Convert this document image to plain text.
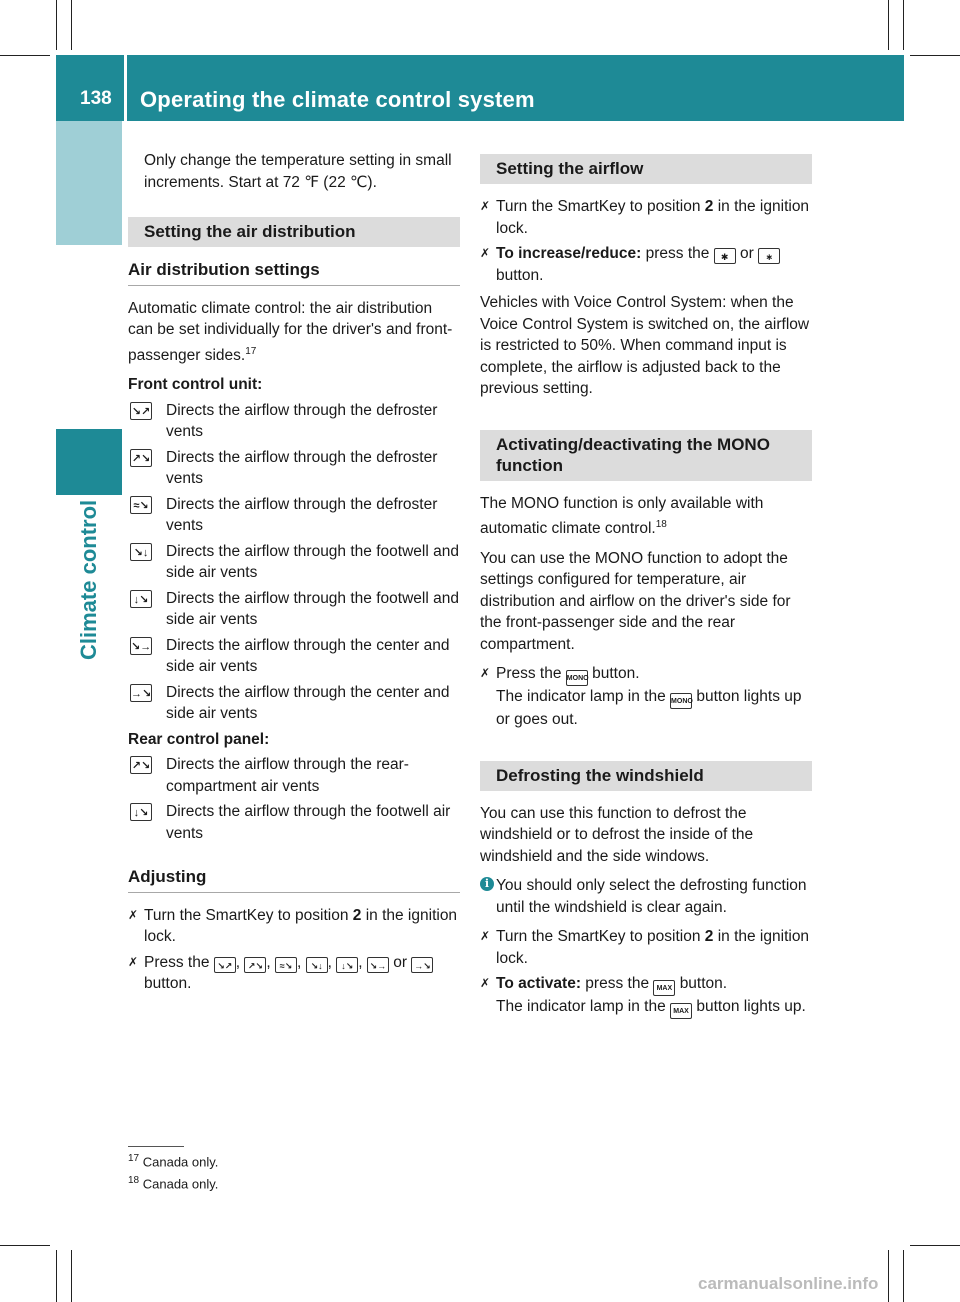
138 Operating the climate control system
Climate control

Only change the temperature setting in small increments. Start at 72 ℉ (22 ℃).

Setting the air distribution
Air distribution settings

Automatic climate control: the air distribution can be set individually for the driver's and front-passenger sides.$^{17}$

Front control unit:

↘↗ Directs the airflow through the defroster vents
↗↘ Directs the airflow through the defroster vents
≈↘ Directs the airflow through the defroster vents
↘↓ Directs the airflow through the footwell and side air vents
↓↘ Directs the airflow through the footwell and side air vents
↘→ Directs the airflow through the center and side air vents
→↘ Directs the airflow through the center and side air vents

Rear control panel:

↗↘ Directs the airflow through the rear-compartment air vents
↓↘ Directs the airflow through the footwell air vents
Adjusting
✗ Turn the SmartKey to position 2 in the ignition lock.
✗ Press the ↘↗ , ↗↘ , ≈↘ , ↘↓ , ↓↘ , ↘→ or →↘ button.
Setting the airflow
✗ Turn the SmartKey to position 2 in the ignition lock.
✗ To increase/reduce: press the ✱ or ∗ button.

Vehicles with Voice Control System: when the Voice Control System is switched on, the airflow is restricted to 50%. When command input is complete, the airflow is adjusted back to the previous setting.

Activating/deactivating the MONO function

The MONO function is only available with automatic climate control.$^{18}$

You can use the MONO function to adopt the settings configured for temperature, air distribution and airflow on the driver's side for the front-passenger side and the rear compartment.

✗ Press the MONO button.
The indicator lamp in the MONO button lights up or goes out.
Defrosting the windshield

You can use this function to defrost the windshield or to defrost the inside of the windshield and the side windows.

i You should only select the defrosting function until the windshield is clear again.
✗ Turn the SmartKey to position 2 in the ignition lock.
✗ To activate: press the MAX button.
The indicator lamp in the MAX button lights up.
$^{17}$ Canada only.
$^{18}$ Canada only.
carmanualsonline.info
